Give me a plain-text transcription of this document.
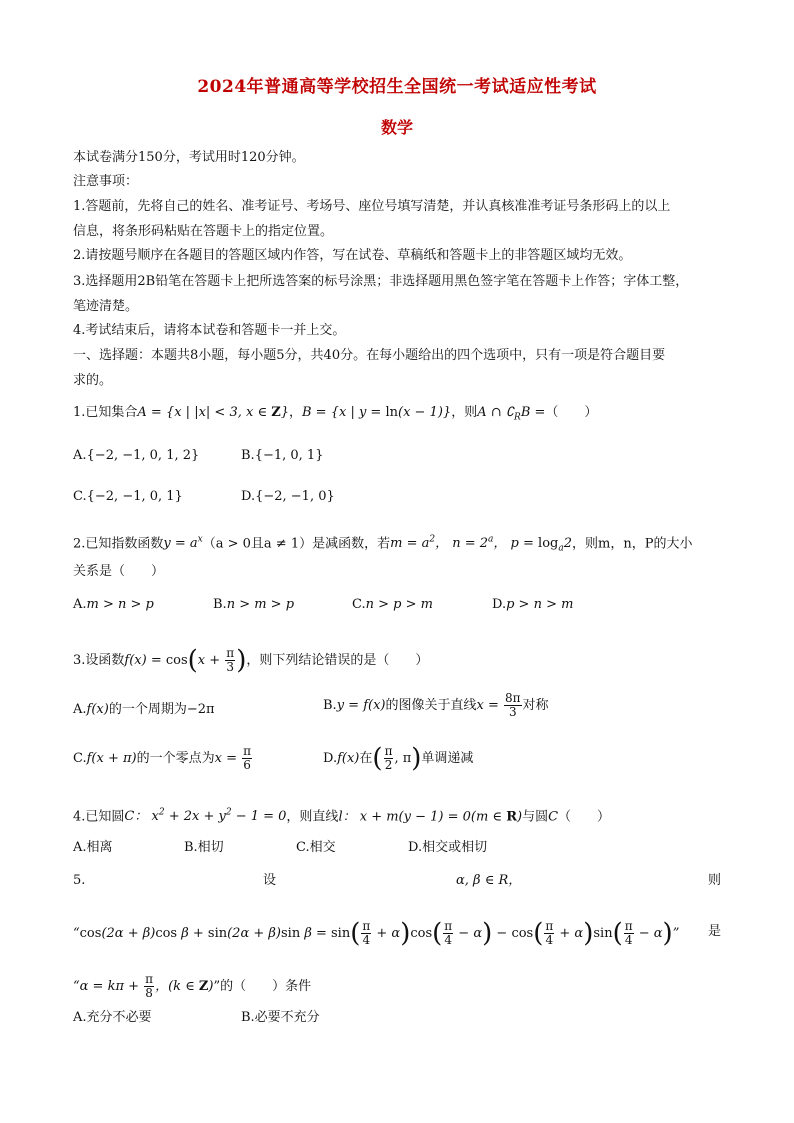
2024年普通高等学校招生全国统一考试适应性考试
数学
本试卷满分150分，考试用时120分钟。
注意事项：
1.答题前，先将自己的姓名、准考证号、考场号、座位号填写清楚，并认真核准准考证号条形码上的以上
信息，将条形码粘贴在答题卡上的指定位置。
2.请按题号顺序在各题目的答题区域内作答，写在试卷、草稿纸和答题卡上的非答题区域均无效。
3.选择题用2B铅笔在答题卡上把所选答案的标号涂黑；非选择题用黑色签字笔在答题卡上作答；字体工整，
笔迹清楚。
4.考试结束后，请将本试卷和答题卡一并上交。
一、选择题：本题共8小题，每小题5分，共40分。在每小题给出的四个选项中，只有一项是符合题目要
求的。
1.已知集合A = {x | |x| < 3, x ∈ Z}，B = {x | y = ln(x − 1)}，则A ∩ $∁_RB$ =（　　）
A.{−2, −1, 0, 1, 2}	B.{−1, 0, 1}
C.{−2, −1, 0, 1}	D.{−2, −1, 0}
2.已知指数函数$y = a^x(a > 0$且a ≠ 1）是减函数，若$m = a^2$， $n = 2^a$， $p = \log_a2$，则m，n，P的大小
关系是（　　）
A.m > n > p	B.n > m > p	C.n > p > m	D.p > n > m
3.设函数$f(x) = \cos(x + \frac{\pi}{3}$ )，则下列结论错误的是（　　）
A.f(x)的一个周期为−2π	B.y = f(x)的图像关于直线$x = \frac{8\pi}{3}$ 对称
C.f(x + π)的一个零点为$x = \frac{\pi}{6}$	D.f(x)在( $\frac{\pi}{2}$ , π)单调递减
4.已知圆C： $x^2 + 2x + y^2 - 1 = 0$，则直线l： x + m(y − 1) = 0(m ∈ R)与圆C（　　）
A.相离	B.相切	C.相交	D.相交或相切
5.	设	α, β ∈ R，	则
“cos(2α + β)cos β + sin(2α + β)sin $\beta = \sin( \frac{\pi}{4} + \alpha)\cos( \frac{\pi}{4} - \alpha) - \cos( \frac{\pi}{4} + \alpha)\sin( \frac{\pi}{4} - \alpha)$” 是
“$\alpha = k\pi + \frac{\pi}{8}$ ，(k ∈ Z)”的（　　）条件
A.充分不必要	B.必要不充分
